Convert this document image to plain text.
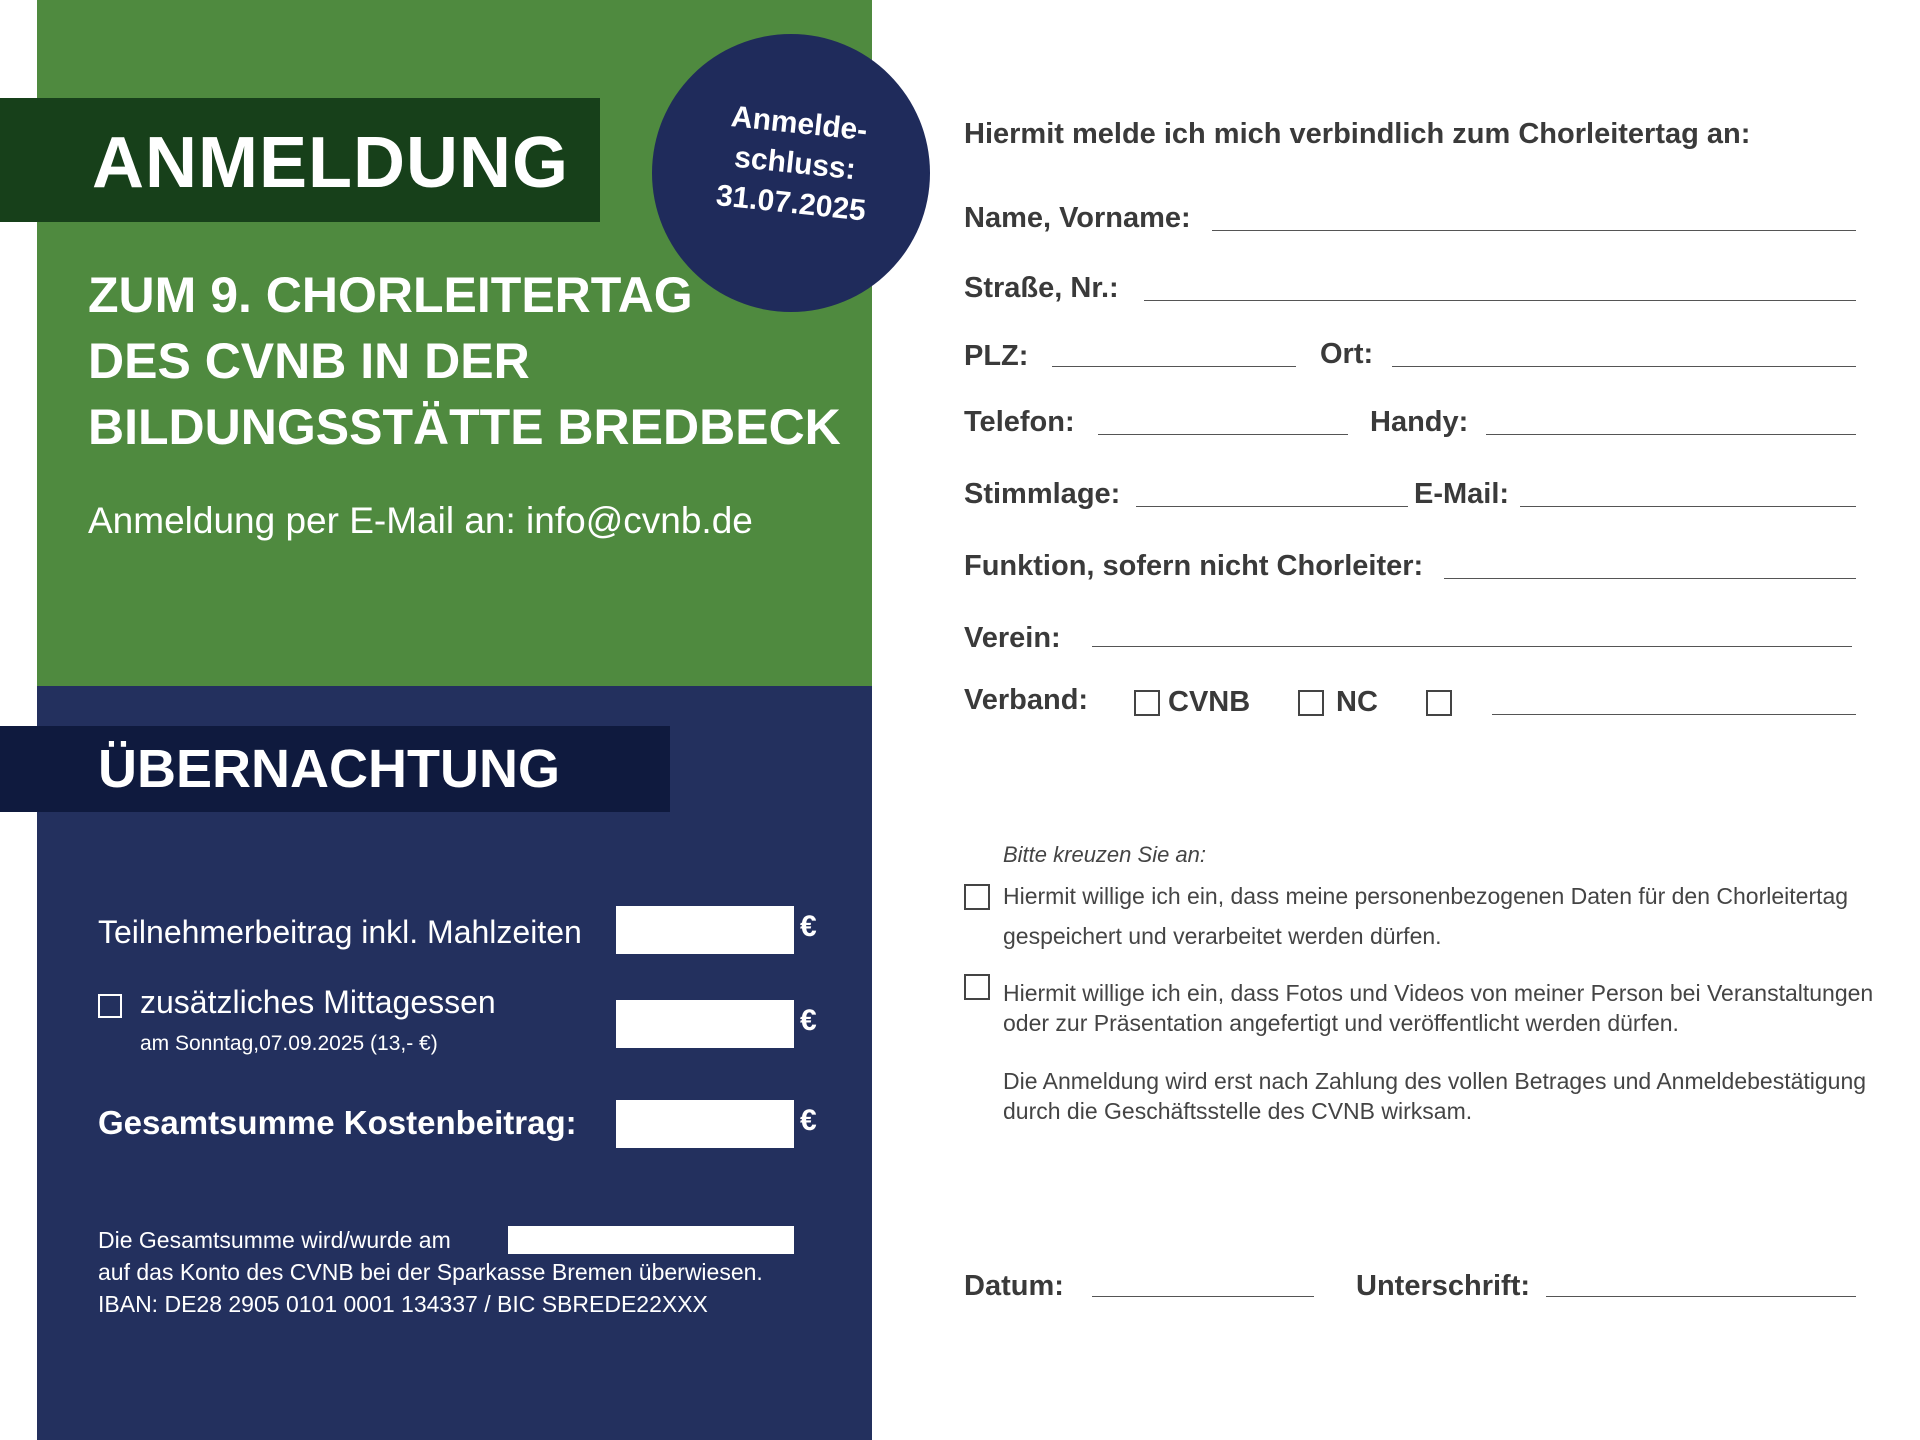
ANMELDUNG	Anmelde-
schluss:
31.07.2025
ZUM 9. CHORLEITERTAG
DES CVNB IN DER
BILDUNGSSTÄTTE BREDBECK
Anmeldung per E-Mail an: info@cvnb.de
ÜBERNACHTUNG
Teilnehmerbeitrag inkl. Mahlzeiten	€
zusätzliches Mittagessen
am Sonntag,07.09.2025 (13,- €)
€
Gesamtsumme Kostenbeitrag:	€
Die Gesamtsumme wird/wurde am
auf das Konto des CVNB bei der Sparkasse Bremen überwiesen.
IBAN: DE28 2905 0101 0001 134337 / BIC SBREDE22XXX
Hiermit melde ich mich verbindlich zum Chorleitertag an:
Name, Vorname:
Straße, Nr.:
PLZ:	Ort:
Telefon:	Handy:
Stimmlage:	E-Mail:
Funktion, sofern nicht Chorleiter:
Verein:
Verband:	CVNB	NC
Bitte kreuzen Sie an:
Hiermit willige ich ein, dass meine personenbezogenen Daten für den Chorleitertag
gespeichert und verarbeitet werden dürfen.
Hiermit willige ich ein, dass Fotos und Videos von meiner Person bei Veranstaltungen
oder zur Präsentation angefertigt und veröffentlicht werden dürfen.
Die Anmeldung wird erst nach Zahlung des vollen Betrages und Anmeldebestätigung
durch die Geschäftsstelle des CVNB wirksam.
Datum:	Unterschrift:
